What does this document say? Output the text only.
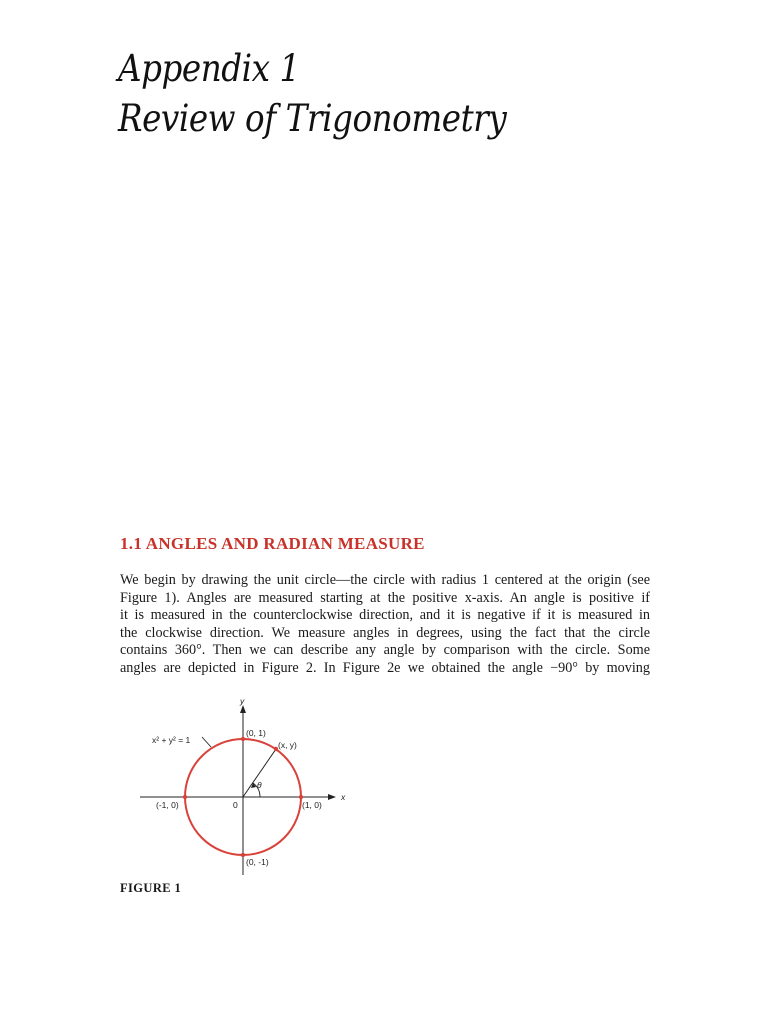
Appendix 1
Review of Trigonometry
1.1 ANGLES AND RADIAN MEASURE
We begin by drawing the unit circle—the circle with radius 1 centered at the origin (see
Figure 1). Angles are measured starting at the positive x-axis. An angle is positive if
it is measured in the counterclockwise direction, and it is negative if it is measured in
the clockwise direction. We measure angles in degrees, using the fact that the circle
contains 360°. Then we can describe any angle by comparison with the circle. Some
angles are depicted in Figure 2. In Figure 2e we obtained the angle −90° by moving
x
y
x² + y² = 1
(0, 1)
(x, y)
θ
(-1, 0)	0	(1, 0)
(0, -1)
FIGURE 1
